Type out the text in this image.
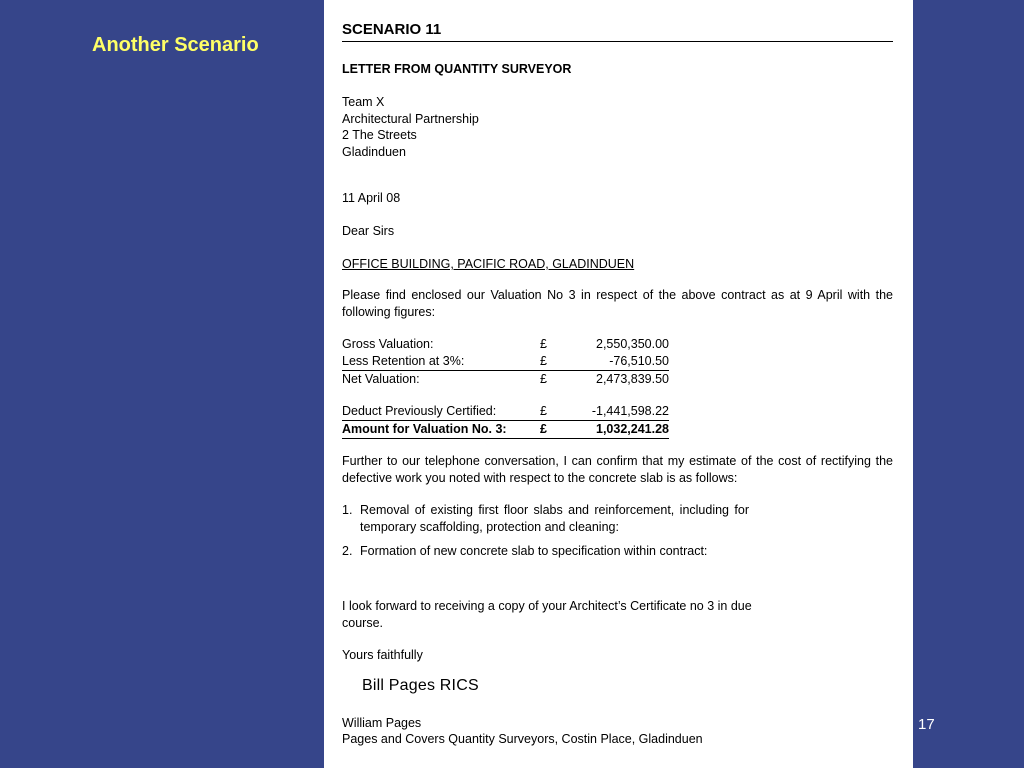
Another Scenario
SCENARIO 11
LETTER FROM QUANTITY SURVEYOR
Team X
Architectural Partnership
2 The Streets
Gladinduen
11 April 08
Dear Sirs
OFFICE BUILDING, PACIFIC ROAD, GLADINDUEN
Please find enclosed our Valuation No 3 in respect of the above contract as at 9 April with the following figures:
Gross Valuation:	£	2,550,350.00
Less Retention at 3%:	£	-76,510.50
Net Valuation:	£	2,473,839.50
Deduct Previously Certified:	£	-1,441,598.22
Amount for Valuation No. 3:	£	1,032,241.28
Further to our telephone conversation, I can confirm that my estimate of the cost of rectifying the defective work you noted with respect to the concrete slab is as follows:
1. Removal of existing first floor slabs and reinforcement, including for temporary scaffolding, protection and cleaning:
2. Formation of new concrete slab to specification within contract:
I look forward to receiving a copy of your Architect’s Certificate no 3 in due course.
Yours faithfully
Bill Pages RICS
William Pages
Pages and Covers Quantity Surveyors, Costin Place, Gladinduen
17
